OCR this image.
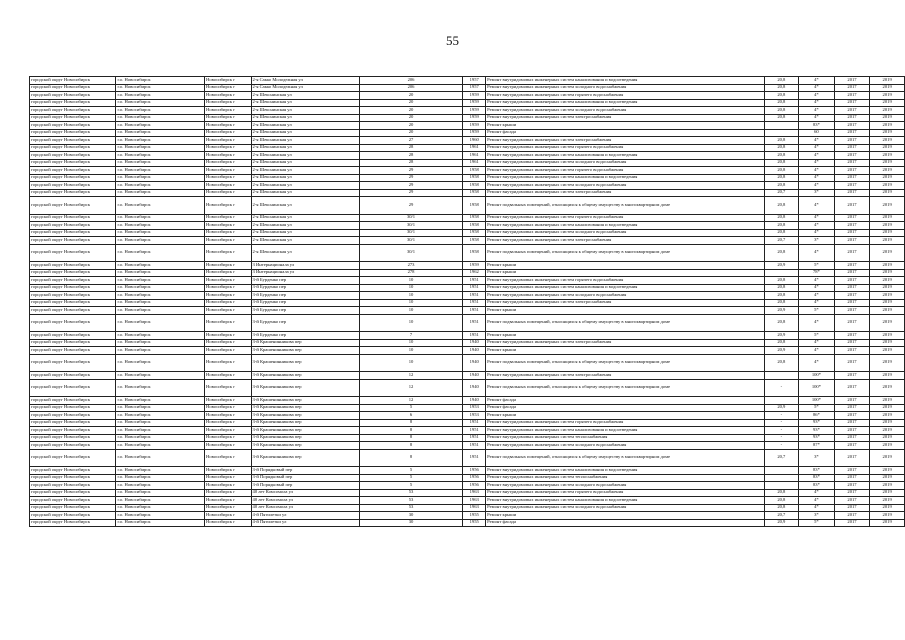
55
городской округ Новосибирск	г.о. Новосибирск	Новосибирск г	2-я Сакко Молодежная ул	206	1957	Ремонт внутридомовых инженерных систем канализования и водоотведения	20,8	4*	2017	2019
городской округ Новосибирск	г.о. Новосибирск	Новосибирск г	2-я Сакко Молодежная ул	206	1957	Ремонт внутридомовых инженерных систем холодного водоснабжения	20,8	4*	2017	2019
городской округ Новосибирск	г.о. Новосибирск	Новосибирск г	2-я Шекснинская ул	20	1959	Ремонт внутридомовых инженерных систем горячего водоснабжения	20,8	4*	2017	2019
городской округ Новосибирск	г.о. Новосибирск	Новосибирск г	2-я Шекснинская ул	20	1959	Ремонт внутридомовых инженерных систем канализования и водоотведения	20,8	4*	2017	2019
городской округ Новосибирск	г.о. Новосибирск	Новосибирск г	2-я Шекснинская ул	20	1959	Ремонт внутридомовых инженерных систем холодного водоснабжения	20,8	4*	2017	2019
городской округ Новосибирск	г.о. Новосибирск	Новосибирск г	2-я Шекснинская ул	20	1959	Ремонт внутридомовых инженерных систем электроснабжения	20,8	4*	2017	2019
городской округ Новосибирск	г.о. Новосибирск	Новосибирск г	2-я Шекснинская ул	20	1959	Ремонт крыши		83*	2017	2019
городской округ Новосибирск	г.о. Новосибирск	Новосибирск г	2-я Шекснинская ул	20	1959	Ремонт фасада		60	2017	2019
городской округ Новосибирск	г.о. Новосибирск	Новосибирск г	2-я Шекснинская ул	27	1960	Ремонт внутридомовых инженерных систем электроснабжения	20,8	4*	2017	2019
городской округ Новосибирск	г.о. Новосибирск	Новосибирск г	2-я Шекснинская ул	28	1961	Ремонт внутридомовых инженерных систем горячего водоснабжения	20,8	4*	2017	2019
городской округ Новосибирск	г.о. Новосибирск	Новосибирск г	2-я Шекснинская ул	28	1961	Ремонт внутридомовых инженерных систем канализования и водоотведения	20,8	4*	2017	2019
городской округ Новосибирск	г.о. Новосибирск	Новосибирск г	2-я Шекснинская ул	28	1961	Ремонт внутридомовых инженерных систем холодного водоснабжения	20,8	4*	2017	2019
городской округ Новосибирск	г.о. Новосибирск	Новосибирск г	2-я Шекснинская ул	29	1958	Ремонт внутридомовых инженерных систем горячего водоснабжения	20,8	4*	2017	2019
городской округ Новосибирск	г.о. Новосибирск	Новосибирск г	2-я Шекснинская ул	29	1958	Ремонт внутридомовых инженерных систем канализования и водоотведения	20,8	4*	2017	2019
городской округ Новосибирск	г.о. Новосибирск	Новосибирск г	2-я Шекснинская ул	29	1958	Ремонт внутридомовых инженерных систем холодного водоснабжения	20,8	4*	2017	2019
городской округ Новосибирск	г.о. Новосибирск	Новосибирск г	2-я Шекснинская ул	29	1958	Ремонт внутридомовых инженерных систем электроснабжения	20,7	3*	2017	2019
городской округ Новосибирск	г.о. Новосибирск	Новосибирск г	2-я Шекснинская ул	29	1958	Ремонт подвальных помещений, относящихся к общему имуществу в многоквартирном доме	20,8	4*	2017	2019
городской округ Новосибирск	г.о. Новосибирск	Новосибирск г	2-я Шекснинская ул	30/1	1958	Ремонт внутридомовых инженерных систем горячего водоснабжения	20,8	4*	2017	2019
городской округ Новосибирск	г.о. Новосибирск	Новосибирск г	2-я Шекснинская ул	30/1	1958	Ремонт внутридомовых инженерных систем канализования и водоотведения	20,8	4*	2017	2019
городской округ Новосибирск	г.о. Новосибирск	Новосибирск г	2-я Шекснинская ул	30/1	1958	Ремонт внутридомовых инженерных систем холодного водоснабжения	20,8	4*	2017	2019
городской округ Новосибирск	г.о. Новосибирск	Новосибирск г	2-я Шекснинская ул	30/1	1958	Ремонт внутридомовых инженерных систем электроснабжения	20,7	3*	2017	2019
городской округ Новосибирск	г.о. Новосибирск	Новосибирск г	2-я Шекснинская ул	30/1	1958	Ремонт подвальных помещений, относящихся к общему имуществу в многоквартирном доме	20,8	4*	2017	2019
городской округ Новосибирск	г.о. Новосибирск	Новосибирск г	3 Интернационала ул	273	1959	Ремонт крыши	20,9	5*	2017	2019
городской округ Новосибирск	г.о. Новосибирск	Новосибирск г	3 Интернационала ул	278	1962	Ремонт крыши		78*	2017	2019
городской округ Новосибирск	г.о. Новосибирск	Новосибирск г	3-й Бурденко пер	10	1951	Ремонт внутридомовых инженерных систем горячего водоснабжения	20,8	4*	2017	2019
городской округ Новосибирск	г.о. Новосибирск	Новосибирск г	3-й Бурденко пер	10	1951	Ремонт внутридомовых инженерных систем канализования и водоотведения	20,8	4*	2017	2019
городской округ Новосибирск	г.о. Новосибирск	Новосибирск г	3-й Бурденко пер	10	1951	Ремонт внутридомовых инженерных систем холодного водоснабжения	20,8	4*	2017	2019
городской округ Новосибирск	г.о. Новосибирск	Новосибирск г	3-й Бурденко пер	10	1951	Ремонт внутридомовых инженерных систем электроснабжения	20,8	4*	2017	2019
городской округ Новосибирск	г.о. Новосибирск	Новосибирск г	3-й Бурденко пер	10	1951	Ремонт крыши	20,9	5*	2017	2019
городской округ Новосибирск	г.о. Новосибирск	Новосибирск г	3-й Бурденко пер	10	1951	Ремонт подвальных помещений, относящихся к общему имуществу в многоквартирном доме	20,8	4*	2017	2019
городской округ Новосибирск	г.о. Новосибирск	Новосибирск г	3-й Бурденко пер	7	1951	Ремонт крыши	20,9	5*	2017	2019
городской округ Новосибирск	г.о. Новосибирск	Новосибирск г	3-й Крашенинникова пер	10	1940	Ремонт внутридомовых инженерных систем электроснабжения	20,8	4*	2017	2019
городской округ Новосибирск	г.о. Новосибирск	Новосибирск г	3-й Крашенинникова пер	10	1940	Ремонт крыши	20,9	4*	2017	2019
городской округ Новосибирск	г.о. Новосибирск	Новосибирск г	3-й Крашенинникова пер	10	1940	Ремонт подвальных помещений, относящихся к общему имуществу в многоквартирном доме	20,8	4*	2017	2019
городской округ Новосибирск	г.о. Новосибирск	Новосибирск г	3-й Крашенинникова пер	12	1940	Ремонт внутридомовых инженерных систем электроснабжения		100*	2017	2019
городской округ Новосибирск	г.о. Новосибирск	Новосибирск г	3-й Крашенинникова пер	12	1940	Ремонт подвальных помещений, относящихся к общему имуществу в многоквартирном доме	-	100*	2017	2019
городской округ Новосибирск	г.о. Новосибирск	Новосибирск г	3-й Крашенинникова пер	12	1940	Ремонт фасада		100*	2017	2019
городской округ Новосибирск	г.о. Новосибирск	Новосибирск г	3-й Крашенинникова пер	5	1953	Ремонт фасада	20,9	5*	2017	2019
городской округ Новосибирск	г.о. Новосибирск	Новосибирск г	3-й Крашенинникова пер	6	1953	Ремонт крыши	-	86*	2017	2019
городской округ Новосибирск	г.о. Новосибирск	Новосибирск г	3-й Крашенинникова пер	8	1951	Ремонт внутридомовых инженерных систем горячего водоснабжения	-	93*	2017	2019
городской округ Новосибирск	г.о. Новосибирск	Новосибирск г	3-й Крашенинникова пер	8	1951	Ремонт внутридомовых инженерных систем канализования и водоотведения	-	93*	2017	2019
городской округ Новосибирск	г.о. Новосибирск	Новосибирск г	3-й Крашенинникова пер	8	1951	Ремонт внутридомовых инженерных систем теплоснабжения	-	93*	2017	2019
городской округ Новосибирск	г.о. Новосибирск	Новосибирск г	3-й Крашенинникова пер	8	1951	Ремонт внутридомовых инженерных систем холодного водоснабжения	-	87*	2017	2019
городской округ Новосибирск	г.о. Новосибирск	Новосибирск г	3-й Крашенинникова пер	8	1951	Ремонт подвальных помещений, относящихся к общему имуществу в многоквартирном доме	20,7	3*	2017	2019
городской округ Новосибирск	г.о. Новосибирск	Новосибирск г	3-й Порядковый пер	5	1956	Ремонт внутридомовых инженерных систем канализования и водоотведения		83*	2017	2019
городской округ Новосибирск	г.о. Новосибирск	Новосибирск г	3-й Порядковый пер	5	1956	Ремонт внутридомовых инженерных систем теплоснабжения		83*	2017	2019
городской округ Новосибирск	г.о. Новосибирск	Новосибирск г	3-й Порядковый пер	5	1956	Ремонт внутридомовых инженерных систем холодного водоснабжения		83*	2017	2019
городской округ Новосибирск	г.о. Новосибирск	Новосибирск г	40 лет Комсомола ул	53	1963	Ремонт внутридомовых инженерных систем горячего водоснабжения	20,8	4*	2017	2019
городской округ Новосибирск	г.о. Новосибирск	Новосибирск г	40 лет Комсомола ул	53	1963	Ремонт внутридомовых инженерных систем канализования и водоотведения	20,8	4*	2017	2019
городской округ Новосибирск	г.о. Новосибирск	Новосибирск г	40 лет Комсомола ул	53	1963	Ремонт внутридомовых инженерных систем холодного водоснабжения	20,8	4*	2017	2019
городской округ Новосибирск	г.о. Новосибирск	Новосибирск г	4-й Пятилетки ул	30	1955	Ремонт крыши	20,7	3*	2017	2019
городской округ Новосибирск	г.о. Новосибирск	Новосибирск г	4-й Пятилетки ул	30	1955	Ремонт фасада	20,9	5*	2017	2019
